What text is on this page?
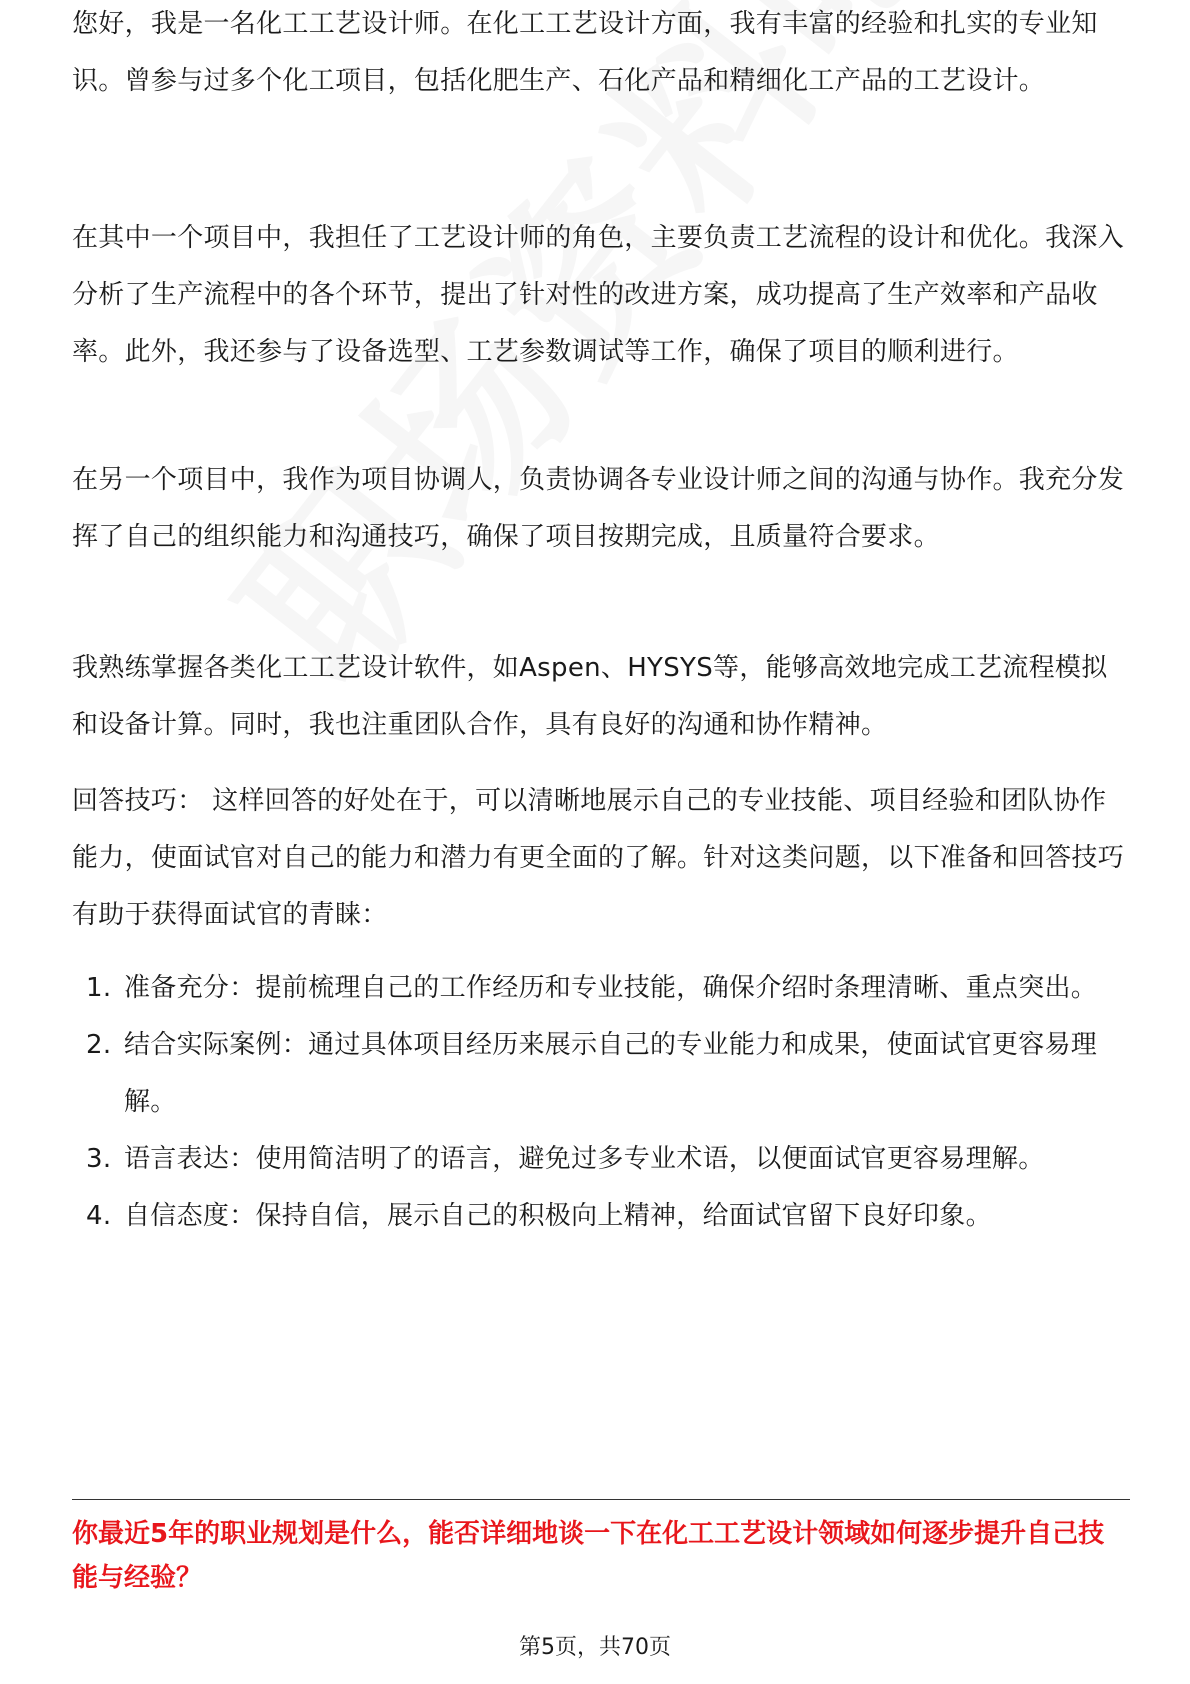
您好，我是一名化工工艺设计师。在化工工艺设计方面，我有丰富的经验和扎实的专业知识。曾参与过多个化工项目，包括化肥生产、石化产品和精细化工产品的工艺设计。

在其中一个项目中，我担任了工艺设计师的角色，主要负责工艺流程的设计和优化。我深入分析了生产流程中的各个环节，提出了针对性的改进方案，成功提高了生产效率和产品收率。此外，我还参与了设备选型、工艺参数调试等工作，确保了项目的顺利进行。

在另一个项目中，我作为项目协调人，负责协调各专业设计师之间的沟通与协作。我充分发挥了自己的组织能力和沟通技巧，确保了项目按期完成，且质量符合要求。

我熟练掌握各类化工工艺设计软件，如Aspen、HYSYS等，能够高效地完成工艺流程模拟和设备计算。同时，我也注重团队合作，具有良好的沟通和协作精神。

回答技巧： 这样回答的好处在于，可以清晰地展示自己的专业技能、项目经验和团队协作能力，使面试官对自己的能力和潜力有更全面的了解。针对这类问题，以下准备和回答技巧有助于获得面试官的青睐：

1. 准备充分：提前梳理自己的工作经历和专业技能，确保介绍时条理清晰、重点突出。
2. 结合实际案例：通过具体项目经历来展示自己的专业能力和成果，使面试官更容易理解。
3. 语言表达：使用简洁明了的语言，避免过多专业术语，以便面试官更容易理解。
4. 自信态度：保持自信，展示自己的积极向上精神，给面试官留下良好印象。

你最近5年的职业规划是什么，能否详细地谈一下在化工工艺设计领域如何逐步提升自己技能与经验？

第5页，共70页
